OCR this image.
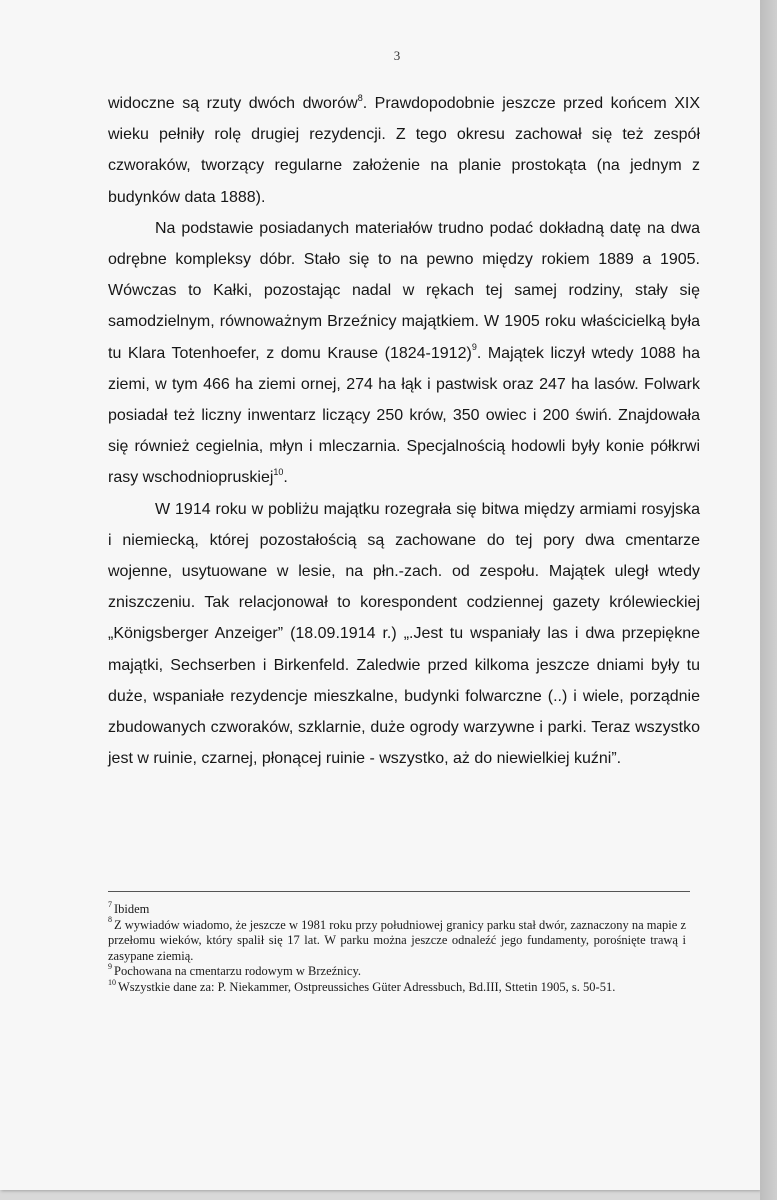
3

widoczne są rzuty dwóch dworów$^8$. Prawdopodobnie jeszcze przed końcem XIX wieku pełniły rolę drugiej rezydencji. Z tego okresu zachował się też zespół czworaków, tworzący regularne założenie na planie prostokąta (na jednym z budynków data 1888).

Na podstawie posiadanych materiałów trudno podać dokładną datę na dwa odrębne kompleksy dóbr. Stało się to na pewno między rokiem 1889 a 1905. Wówczas to Kałki, pozostając nadal w rękach tej samej rodziny, stały się samodzielnym, równoważnym Brzeźnicy majątkiem. W 1905 roku właścicielką była tu Klara Totenhoefer, z domu Krause (1824-1912)$^9$. Majątek liczył wtedy 1088 ha ziemi, w tym 466 ha ziemi ornej, 274 ha łąk i pastwisk oraz 247 ha lasów. Folwark posiadał też liczny inwentarz liczący 250 krów, 350 owiec i 200 świń. Znajdowała się również cegielnia, młyn i mleczarnia. Specjalnością hodowli były konie półkrwi rasy wschodniopruskiej$^{10}$.

W 1914 roku w pobliżu majątku rozegrała się bitwa między armiami rosyjska i niemiecką, której pozostałością są zachowane do tej pory dwa cmentarze wojenne, usytuowane w lesie, na płn.-zach. od zespołu. Majątek uległ wtedy zniszczeniu. Tak relacjonował to korespondent codziennej gazety królewieckiej „Königsberger Anzeiger” (18.09.1914 r.) „.Jest tu wspaniały las i dwa przepiękne majątki, Sechserben i Birkenfeld. Zaledwie przed kilkoma jeszcze dniami były tu duże, wspaniałe rezydencje mieszkalne, budynki folwarczne (..) i wiele, porządnie zbudowanych czworaków, szklarnie, duże ogrody warzywne i parki. Teraz wszystko jest w ruinie, czarnej, płonącej ruinie - wszystko, aż do niewielkiej kuźni”.

$^7$ Ibidem

$^8$ Z wywiadów wiadomo, że jeszcze w 1981 roku przy południowej granicy parku stał dwór, zaznaczony na mapie z przełomu wieków, który spalił się 17 lat. W parku można jeszcze odnaleźć jego fundamenty, porośnięte trawą i zasypane ziemią.

$^9$ Pochowana na cmentarzu rodowym w Brzeźnicy.

$^{10}$ Wszystkie dane za: P. Niekammer, Ostpreussiches Güter Adressbuch, Bd.III, Sttetin 1905, s. 50-51.
